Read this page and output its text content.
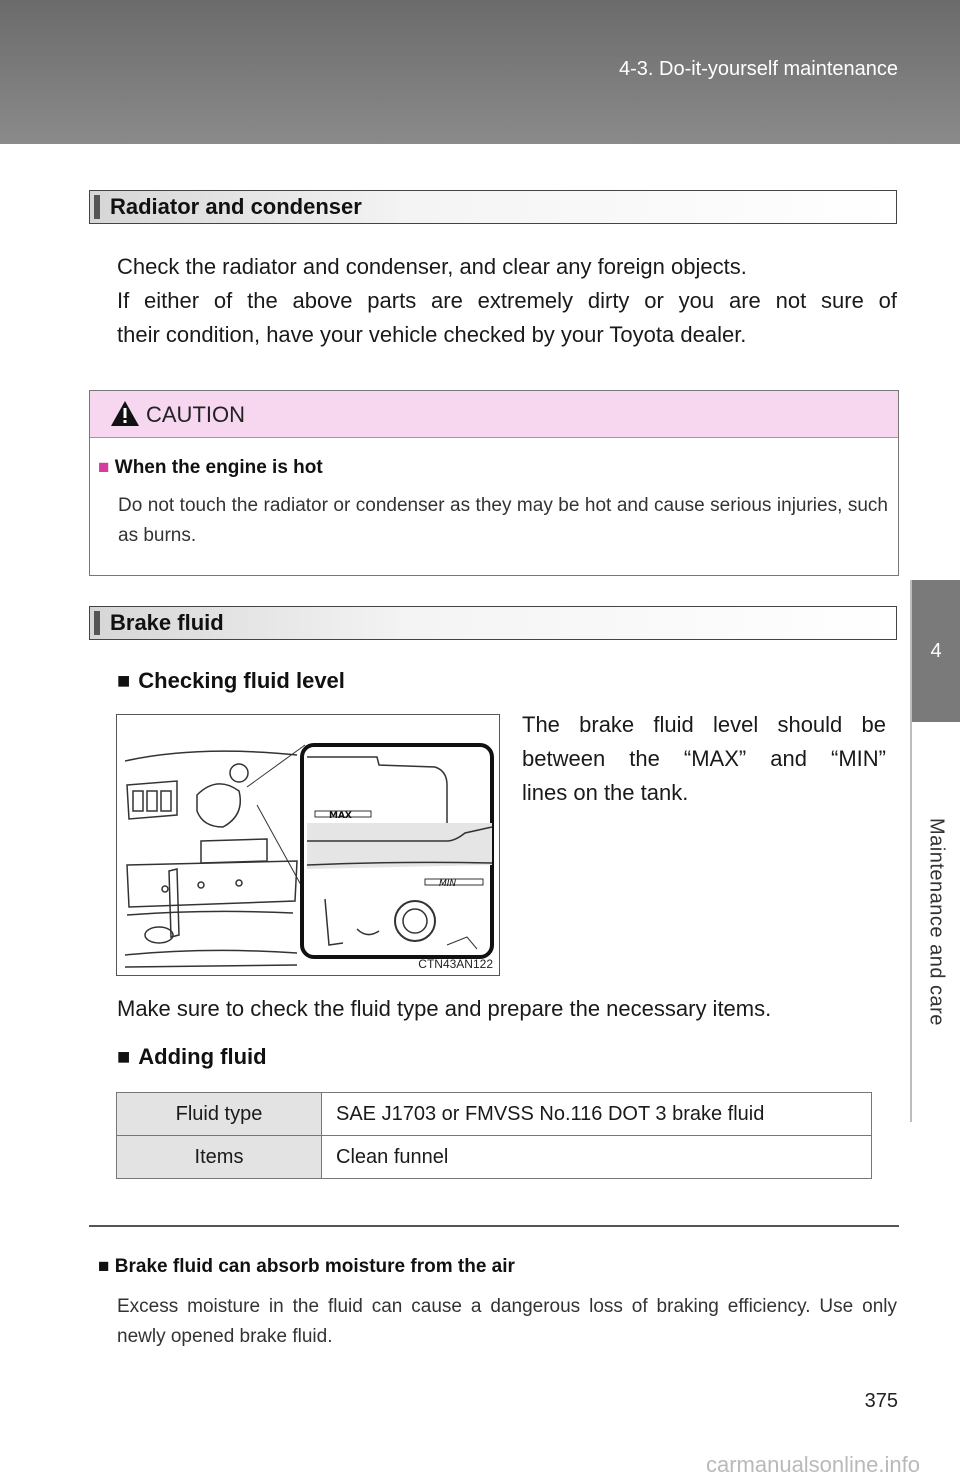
4-3. Do-it-yourself maintenance
4
Maintenance and care
Radiator and condenser
Check the radiator and condenser, and clear any foreign objects.
If either of the above parts are extremely dirty or you are not sure of
their condition, have your vehicle checked by your Toyota dealer.
CAUTION
■ When the engine is hot
Do not touch the radiator or condenser as they may be hot and cause serious injuries, such as burns.
Brake fluid
■ Checking fluid level
MAX
MIN
CTN43AN122
The brake fluid level should be
between the “MAX” and “MIN”
lines on the tank.
Make sure to check the fluid type and prepare the necessary items.
■ Adding fluid
Fluid type	SAE J1703 or FMVSS No.116 DOT 3 brake fluid
Items	Clean funnel
■ Brake fluid can absorb moisture from the air
Excess moisture in the fluid can cause a dangerous loss of braking efficiency. Use only newly opened brake fluid.
375
carmanualsonline.info
